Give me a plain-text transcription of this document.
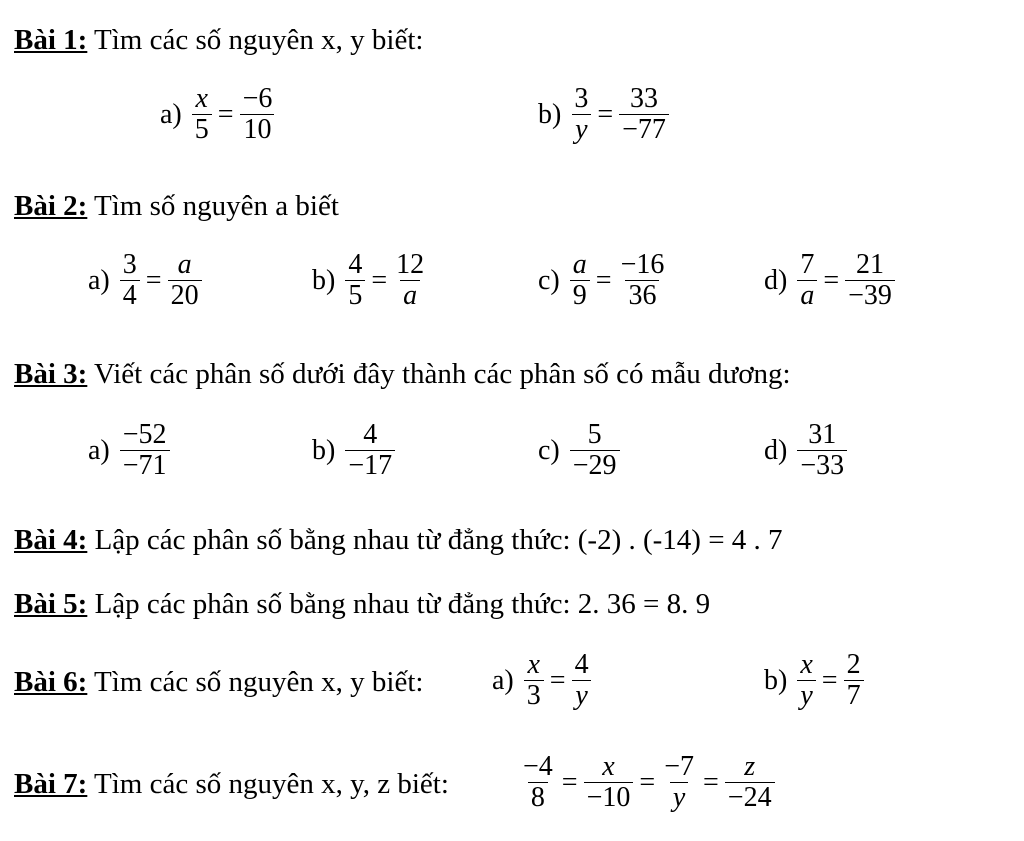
Bài 1: Tìm các số nguyên x, y biết:
$a) \frac{x}{5} = \frac{-6}{10}$	$b) \frac{3}{y} = \frac{33}{-77}$
Bài 2: Tìm số nguyên a biết
$a) \frac{3}{4} = \frac{a}{20}$	$b) \frac{4}{5} = \frac{12}{a}$	$c) \frac{a}{9} = \frac{-16}{36}$	$d) \frac{7}{a} = \frac{21}{-39}$
Bài 3: Viết các phân số dưới đây thành các phân số có mẫu dương:
$a) \frac{-52}{-71}$	$b) \frac{4}{-17}$	$c) \frac{5}{-29}$	$d) \frac{31}{-33}$
Bài 4: Lập các phân số bằng nhau từ đẳng thức: (-2) . (-14) = 4 . 7
Bài 5: Lập các phân số bằng nhau từ đẳng thức: 2. 36 = 8. 9
Bài 6: Tìm các số nguyên x, y biết: $a) \frac{x}{3} = \frac{4}{y}$	$b) \frac{x}{y} = \frac{2}{7}$
Bài 7: Tìm các số nguyên x, y, z biết:	$\frac{-4}{8} = \frac{x}{-10} = \frac{-7}{y} = \frac{z}{-24}$
